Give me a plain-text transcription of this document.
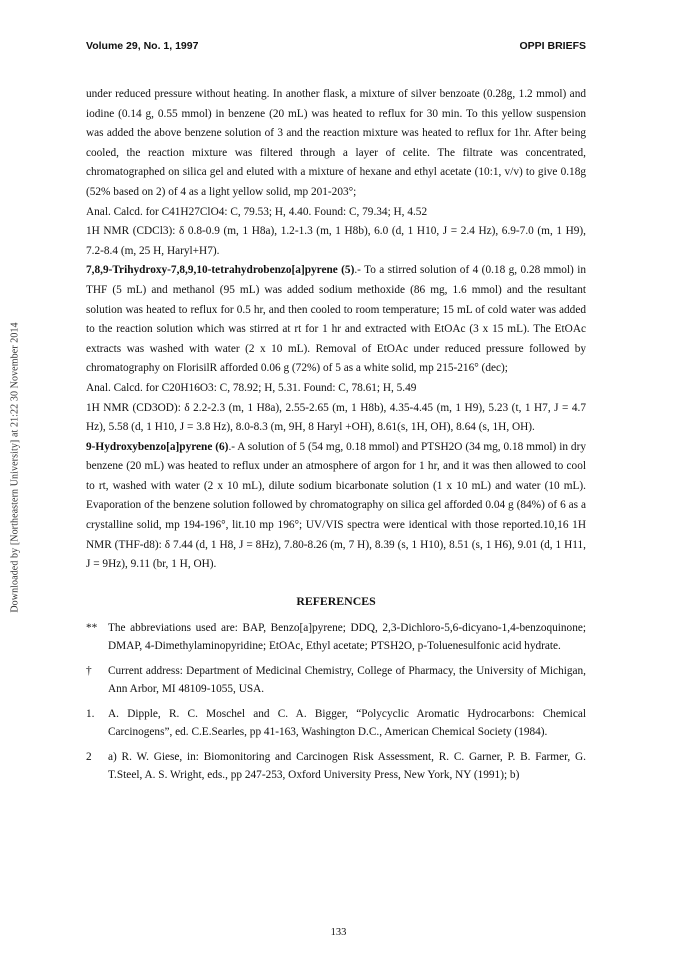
Downloaded by [Northeastern University] at 21:22 30 November 2014
Volume 29, No. 1, 1997	OPPI BRIEFS

under reduced pressure without heating. In another flask, a mixture of silver benzoate (0.28g, 1.2 mmol) and iodine (0.14 g, 0.55 mmol) in benzene (20 mL) was heated to reflux for 30 min. To this yellow suspension was added the above benzene solution of 3 and the reaction mixture was heated to reflux for 1hr. After being cooled, the reaction mixture was filtered through a layer of celite. The filtrate was concentrated, chromatographed on silica gel and eluted with a mixture of hexane and ethyl acetate (10:1, v/v) to give 0.18g (52% based on 2) of 4 as a light yellow solid, mp 201-203°;

Anal. Calcd. for C41H27ClO4: C, 79.53; H, 4.40. Found: C, 79.34; H, 4.52

1H NMR (CDCl3): δ 0.8-0.9 (m, 1 H8a), 1.2-1.3 (m, 1 H8b), 6.0 (d, 1 H10, J = 2.4 Hz), 6.9-7.0 (m, 1 H9), 7.2-8.4 (m, 25 H, Haryl+H7).

7,8,9-Trihydroxy-7,8,9,10-tetrahydrobenzo[a]pyrene (5).- To a stirred solution of 4 (0.18 g, 0.28 mmol) in THF (5 mL) and methanol (95 mL) was added sodium methoxide (86 mg, 1.6 mmol) and the resultant solution was heated to reflux for 0.5 hr, and then cooled to room temperature; 15 mL of cold water was added to the reaction solution which was stirred at rt for 1 hr and extracted with EtOAc (3 x 15 mL). The EtOAc extracts was washed with water (2 x 10 mL). Removal of EtOAc under reduced pressure followed by chromatography on FlorisilR afforded 0.06 g (72%) of 5 as a white solid, mp 215-216° (dec);

Anal. Calcd. for C20H16O3: C, 78.92; H, 5.31. Found: C, 78.61; H, 5.49

1H NMR (CD3OD): δ 2.2-2.3 (m, 1 H8a), 2.55-2.65 (m, 1 H8b), 4.35-4.45 (m, 1 H9), 5.23 (t, 1 H7, J = 4.7 Hz), 5.58 (d, 1 H10, J = 3.8 Hz), 8.0-8.3 (m, 9H, 8 Haryl +OH), 8.61(s, 1H, OH), 8.64 (s, 1H, OH).

9-Hydroxybenzo[a]pyrene (6).- A solution of 5 (54 mg, 0.18 mmol) and PTSH2O (34 mg, 0.18 mmol) in dry benzene (20 mL) was heated to reflux under an atmosphere of argon for 1 hr, and it was then allowed to cool to rt, washed with water (2 x 10 mL), dilute sodium bicarbonate solution (1 x 10 mL) and water (10 mL). Evaporation of the benzene solution followed by chromatography on silica gel afforded 0.04 g (84%) of 6 as a crystalline solid, mp 194-196°, lit.10 mp 196°; UV/VIS spectra were identical with those reported.10,16 1H NMR (THF-d8): δ 7.44 (d, 1 H8, J = 8Hz), 7.80-8.26 (m, 7 H), 8.39 (s, 1 H10), 8.51 (s, 1 H6), 9.01 (d, 1 H11, J = 9Hz), 9.11 (br, 1 H, OH).

REFERENCES

** The abbreviations used are: BAP, Benzo[a]pyrene; DDQ, 2,3-Dichloro-5,6-dicyano-1,4-benzoquinone; DMAP, 4-Dimethylaminopyridine; EtOAc, Ethyl acetate; PTSH2O, p-Toluenesulfonic acid hydrate.

†	Current address: Department of Medicinal Chemistry, College of Pharmacy, the University of Michigan, Ann Arbor, MI 48109-1055, USA.

1.	A. Dipple, R. C. Moschel and C. A. Bigger, “Polycyclic Aromatic Hydrocarbons: Chemical Carcinogens”, ed. C.E.Searles, pp 41-163, Washington D.C., American Chemical Society (1984).

2	a) R. W. Giese, in: Biomonitoring and Carcinogen Risk Assessment, R. C. Garner, P. B. Farmer, G. T.Steel, A. S. Wright, eds., pp 247-253, Oxford University Press, New York, NY (1991); b)

133
